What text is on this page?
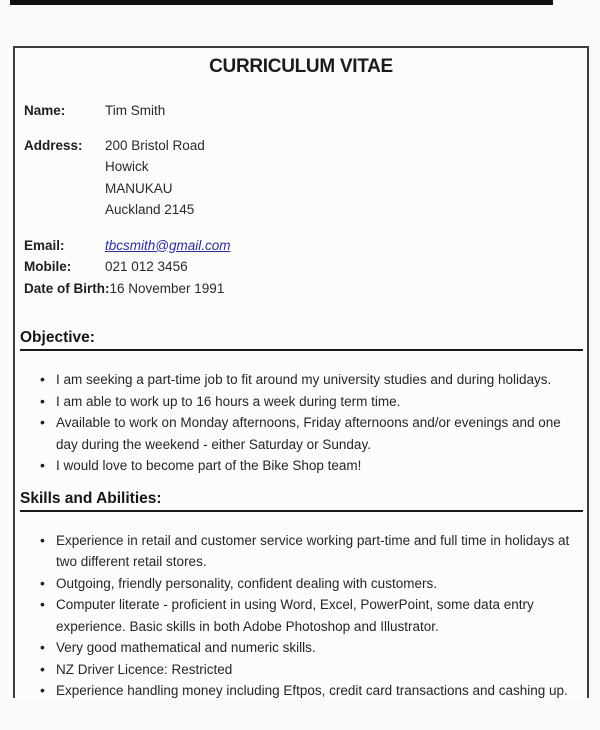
CURRICULUM VITAE
Name:	Tim Smith
Address:	200 Bristol Road
Howick
MANUKAU
Auckland 2145
Email:	tbcsmith@gmail.com
Mobile:	021 012 3456
Date of Birth: 16 November 1991
Objective:
• I am seeking a part-time job to fit around my university studies and during holidays.
• I am able to work up to 16 hours a week during term time.
• Available to work on Monday afternoons, Friday afternoons and/or evenings and one day during the weekend - either Saturday or Sunday.
• I would love to become part of the Bike Shop team!
Skills and Abilities:
• Experience in retail and customer service working part-time and full time in holidays at two different retail stores.
• Outgoing, friendly personality, confident dealing with customers.
• Computer literate - proficient in using Word, Excel, PowerPoint, some data entry experience. Basic skills in both Adobe Photoshop and Illustrator.
• Very good mathematical and numeric skills.
• NZ Driver Licence: Restricted
• Experience handling money including Eftpos, credit card transactions and cashing up.
